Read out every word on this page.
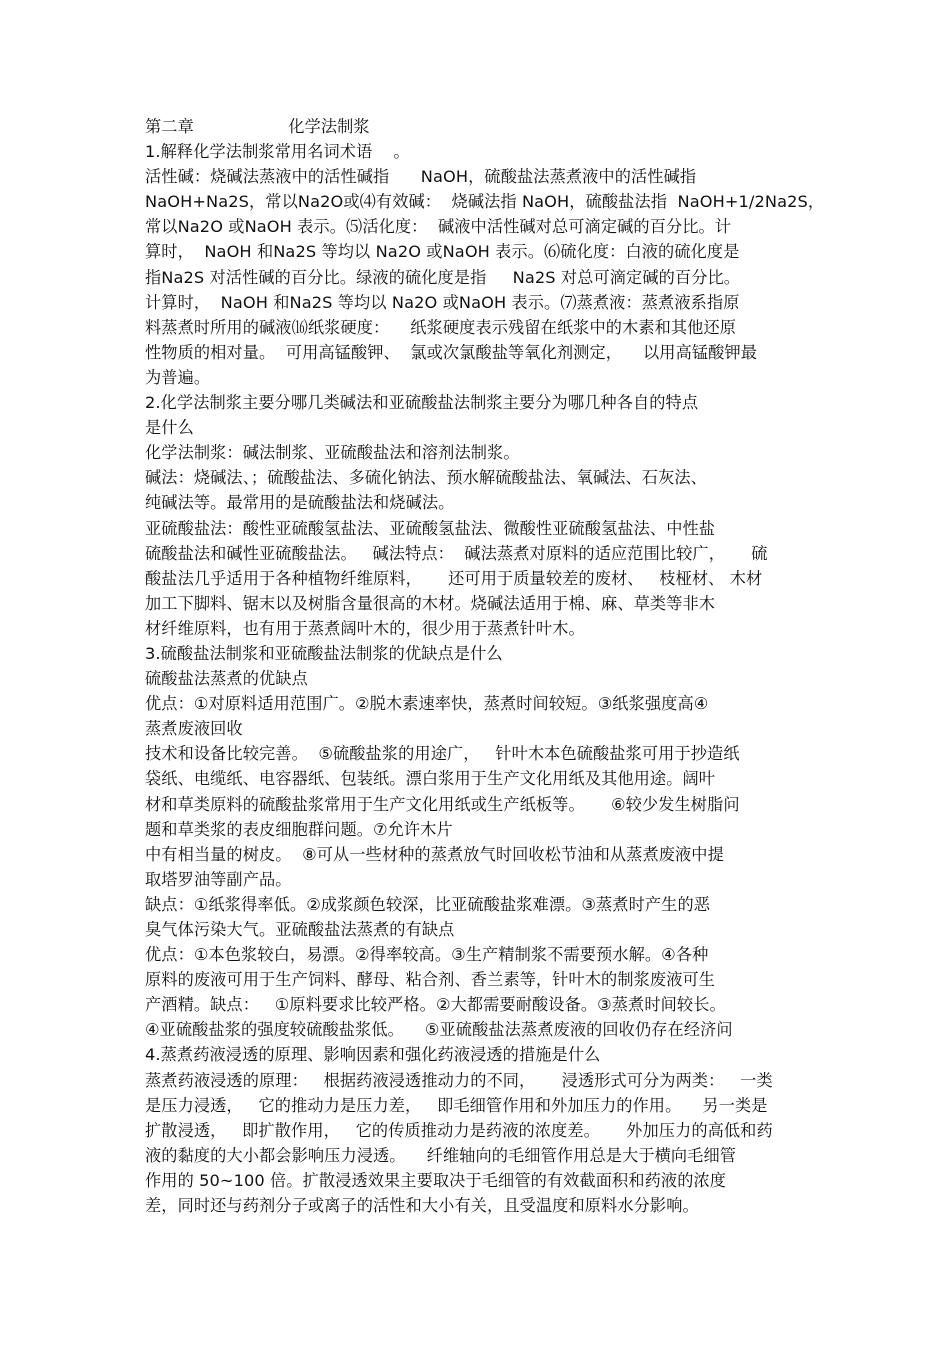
第二章                  化学法制浆
1.解释化学法制浆常用名词术语    。
活性碱：烧碱法蒸液中的活性碱指      NaOH，硫酸盐法蒸煮液中的活性碱指
NaOH+Na2S，常以Na2O或⑷有效碱：  烧碱法指 NaOH，硫酸盐法指  NaOH+1/2Na2S，
常以Na2O 或NaOH 表示。⑸活化度：  碱液中活性碱对总可滴定碱的百分比。计
算时，  NaOH 和Na2S 等均以 Na2O 或NaOH 表示。⑹硫化度：白液的硫化度是
指Na2S 对活性碱的百分比。绿液的硫化度是指     Na2S 对总可滴定碱的百分比。
计算时，  NaOH 和Na2S 等均以 Na2O 或NaOH 表示。⑺蒸煮液：蒸煮液系指原
料蒸煮时所用的碱液⒃纸浆硬度：    纸浆硬度表示残留在纸浆中的木素和其他还原
性物质的相对量。  可用高锰酸钾、  氯或次氯酸盐等氧化剂测定，    以用高锰酸钾最
为普遍。
2.化学法制浆主要分哪几类碱法和亚硫酸盐法制浆主要分为哪几种各自的特点
是什么
化学法制浆：碱法制浆、亚硫酸盐法和溶剂法制浆。
碱法：烧碱法、；硫酸盐法、多硫化钠法、预水解硫酸盐法、氧碱法、石灰法、
纯碱法等。最常用的是硫酸盐法和烧碱法。
亚硫酸盐法：酸性亚硫酸氢盐法、亚硫酸氢盐法、微酸性亚硫酸氢盐法、中性盐
硫酸盐法和碱性亚硫酸盐法。   碱法特点：  碱法蒸煮对原料的适应范围比较广，     硫
酸盐法几乎适用于各种植物纤维原料，     还可用于质量较差的废材、   枝桠材、 木材
加工下脚料、锯末以及树脂含量很高的木材。烧碱法适用于棉、麻、草类等非木
材纤维原料，也有用于蒸煮阔叶木的，很少用于蒸煮针叶木。
3.硫酸盐法制浆和亚硫酸盐法制浆的优缺点是什么
硫酸盐法蒸煮的优缺点
优点：①对原料适用范围广。②脱木素速率快，蒸煮时间较短。③纸浆强度高④
蒸煮废液回收
技术和设备比较完善。  ⑤硫酸盐浆的用途广，   针叶木本色硫酸盐浆可用于抄造纸
袋纸、电缆纸、电容器纸、包装纸。漂白浆用于生产文化用纸及其他用途。阔叶
材和草类原料的硫酸盐浆常用于生产文化用纸或生产纸板等。     ⑥较少发生树脂问
题和草类浆的表皮细胞群问题。⑦允许木片
中有相当量的树皮。  ⑧可从一些材种的蒸煮放气时回收松节油和从蒸煮废液中提
取塔罗油等副产品。
缺点：①纸浆得率低。②成浆颜色较深，比亚硫酸盐浆难漂。③蒸煮时产生的恶
臭气体污染大气。亚硫酸盐法蒸煮的有缺点
优点：①本色浆较白，易漂。②得率较高。③生产精制浆不需要预水解。④各种
原料的废液可用于生产饲料、酵母、粘合剂、香兰素等，针叶木的制浆废液可生
产酒精。缺点：   ①原料要求比较严格。②大都需要耐酸设备。③蒸煮时间较长。
④亚硫酸盐浆的强度较硫酸盐浆低。    ⑤亚硫酸盐法蒸煮废液的回收仍存在经济问
4.蒸煮药液浸透的原理、影响因素和强化药液浸透的措施是什么
蒸煮药液浸透的原理：   根据药液浸透推动力的不同，     浸透形式可分为两类：   一类
是压力浸透，   它的推动力是压力差，   即毛细管作用和外加压力的作用。    另一类是
扩散浸透，   即扩散作用，   它的传质推动力是药液的浓度差。     外加压力的高低和药
液的黏度的大小都会影响压力浸透。    纤维轴向的毛细管作用总是大于横向毛细管
作用的 50~100 倍。扩散浸透效果主要取决于毛细管的有效截面积和药液的浓度
差，同时还与药剂分子或离子的活性和大小有关，且受温度和原料水分影响。
